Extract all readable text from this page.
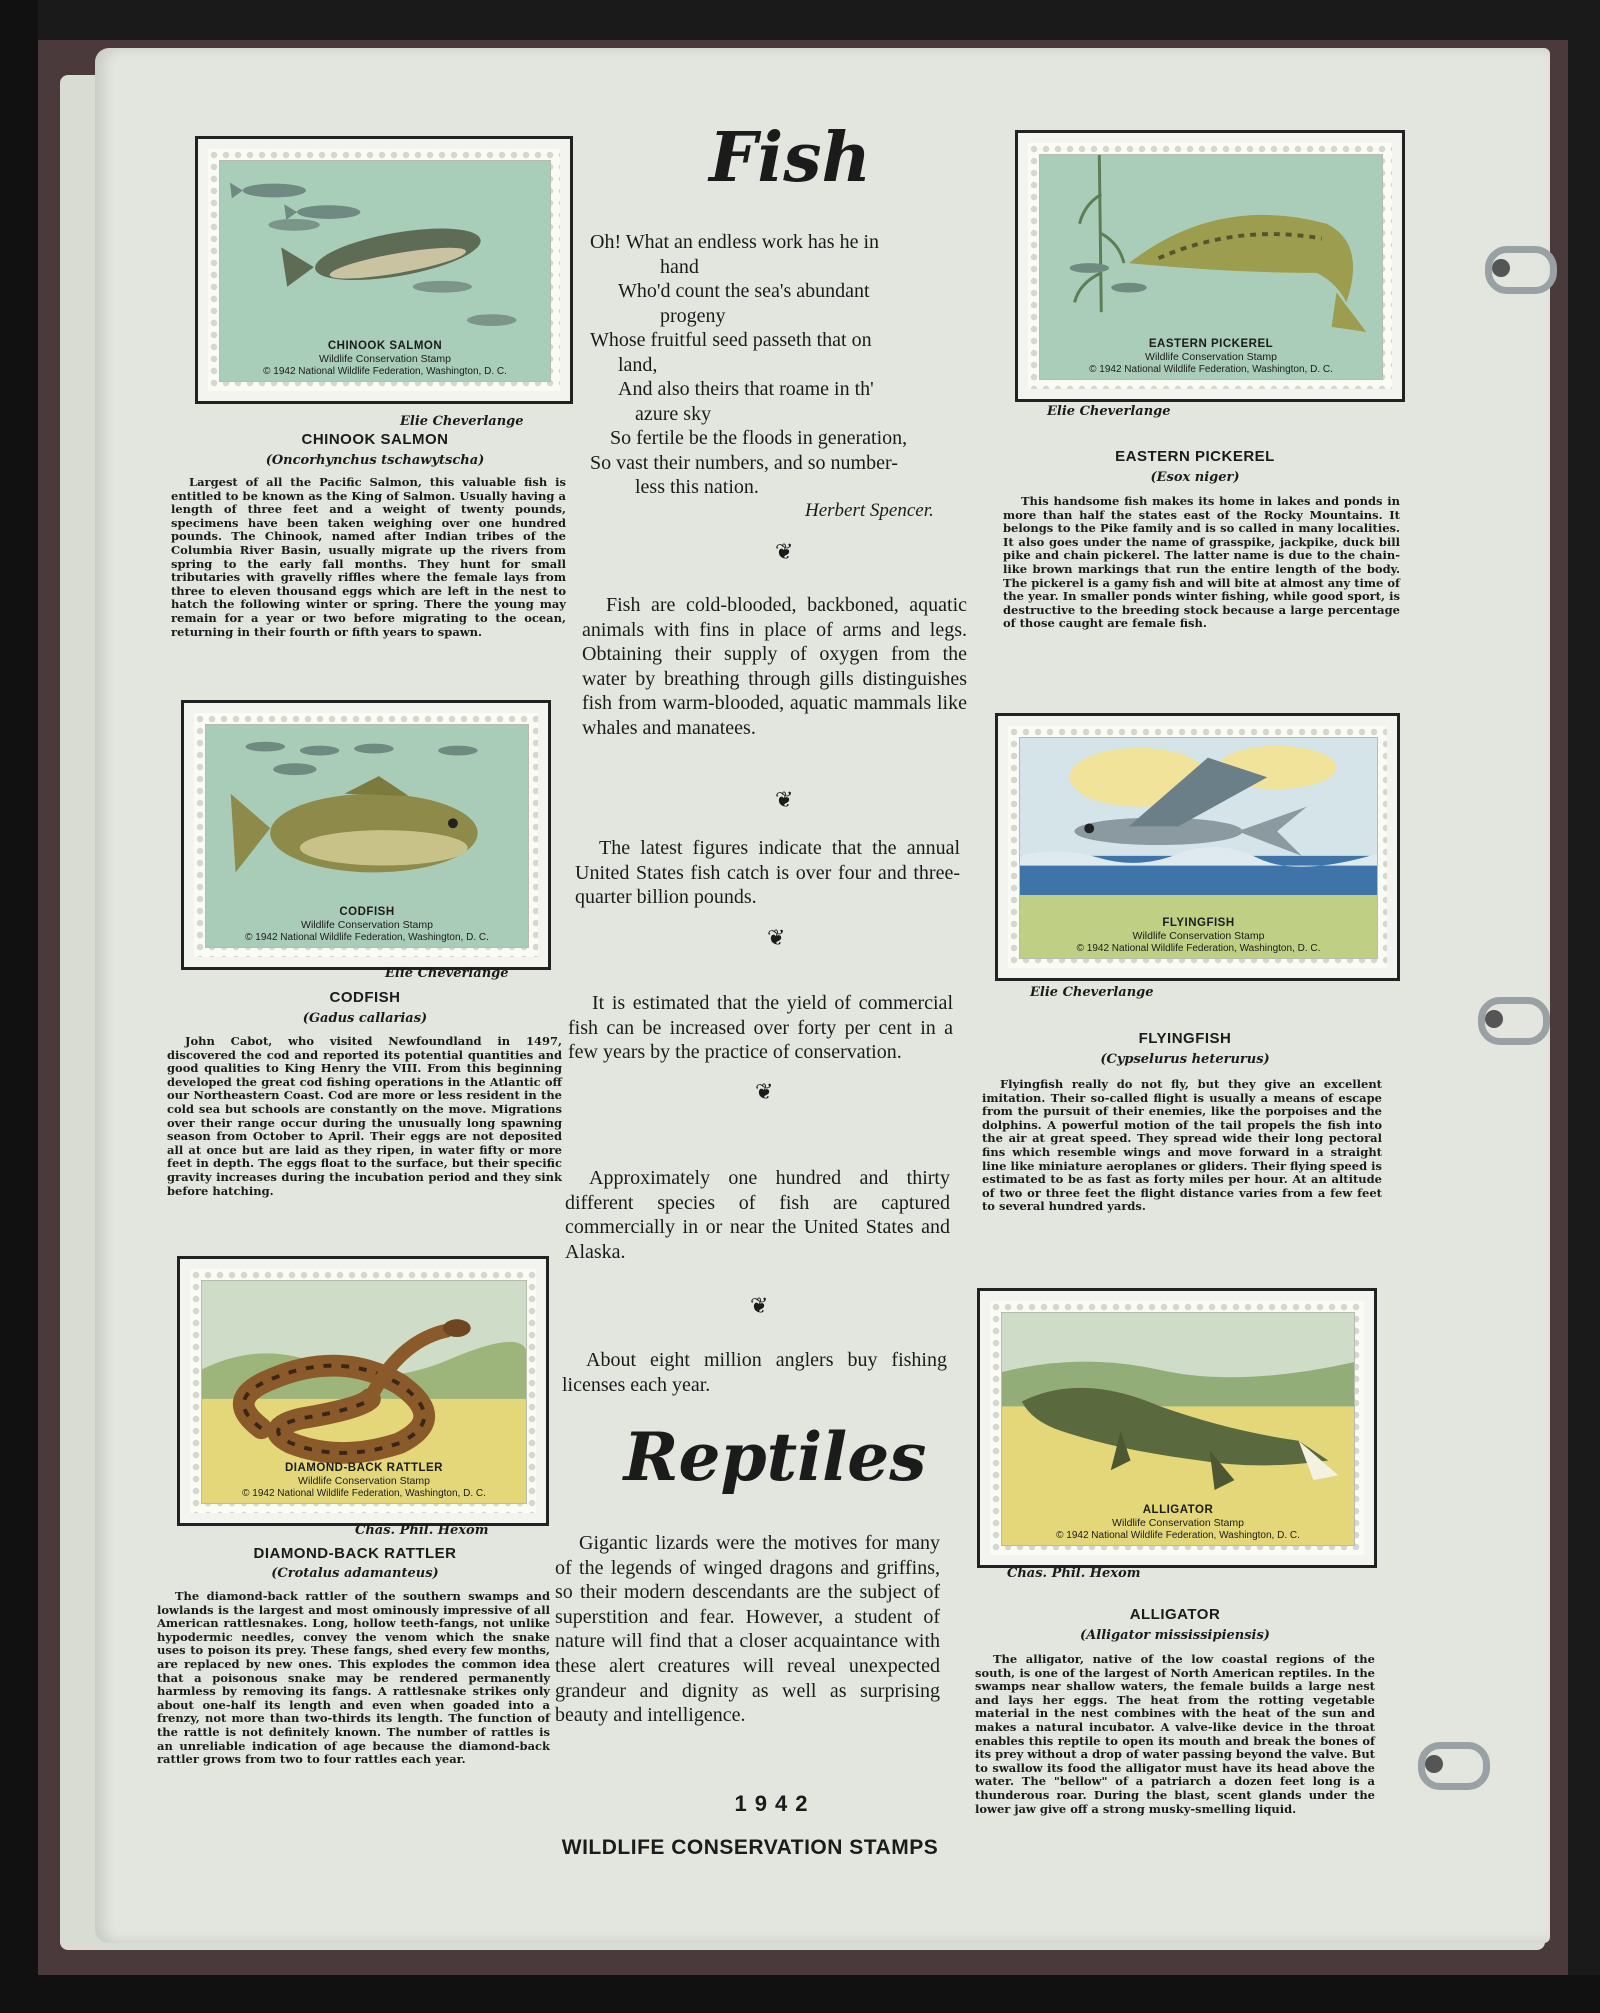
CHINOOK SALMON
Wildlife Conservation Stamp
© 1942 National Wildlife Federation, Washington, D. C.
Elie Cheverlange
CHINOOK SALMON
(Oncorhynchus tschawytscha)
Largest of all the Pacific Salmon, this valuable fish is entitled to be known as the King of Salmon. Usually having a length of three feet and a weight of twenty pounds, specimens have been taken weighing over one hundred pounds. The Chinook, named after Indian tribes of the Columbia River Basin, usually migrate up the rivers from spring to the early fall months. They hunt for small tributaries with gravelly riffles where the female lays from three to eleven thousand eggs which are left in the nest to hatch the following winter or spring. There the young may remain for a year or two before migrating to the ocean, returning in their fourth or fifth years to spawn.
CODFISH
Wildlife Conservation Stamp
© 1942 National Wildlife Federation, Washington, D. C.
Elie Cheverlange
CODFISH
(Gadus callarias)
John Cabot, who visited Newfoundland in 1497, discovered the cod and reported its potential quantities and good qualities to King Henry the VIII. From this beginning developed the great cod fishing operations in the Atlantic off our Northeastern Coast. Cod are more or less resident in the cold sea but schools are constantly on the move. Migrations over their range occur during the unusually long spawning season from October to April. Their eggs are not deposited all at once but are laid as they ripen, in water fifty or more feet in depth. The eggs float to the surface, but their specific gravity increases during the incubation period and they sink before hatching.
DIAMOND-BACK RATTLER
Wildlife Conservation Stamp
© 1942 National Wildlife Federation, Washington, D. C.
Chas. Phil. Hexom
DIAMOND-BACK RATTLER
(Crotalus adamanteus)
The diamond-back rattler of the southern swamps and lowlands is the largest and most ominously impressive of all American rattlesnakes. Long, hollow teeth-fangs, not unlike hypodermic needles, convey the venom which the snake uses to poison its prey. These fangs, shed every few months, are replaced by new ones. This explodes the common idea that a poisonous snake may be rendered permanently harmless by removing its fangs. A rattlesnake strikes only about one-half its length and even when goaded into a frenzy, not more than two-thirds its length. The function of the rattle is not definitely known. The number of rattles is an unreliable indication of age because the diamond-back rattler grows from two to four rattles each year.
Fish
Oh! What an endless work has he in
hand
Who'd count the sea's abundant
progeny
Whose fruitful seed passeth that on
land,
And also theirs that roame in th'
azure sky
So fertile be the floods in generation,
So vast their numbers, and so number-
less this nation.
Herbert Spencer.
❦
Fish are cold-blooded, backboned, aquatic animals with fins in place of arms and legs. Obtaining their supply of oxygen from the water by breathing through gills distinguishes fish from warm-blooded, aquatic mammals like whales and manatees.
❦
The latest figures indicate that the annual United States fish catch is over four and three-quarter billion pounds.
❦
It is estimated that the yield of commercial fish can be increased over forty per cent in a few years by the practice of conservation.
❦
Approximately one hundred and thirty different species of fish are captured commercially in or near the United States and Alaska.
❦
About eight million anglers buy fishing licenses each year.
Reptiles
Gigantic lizards were the motives for many of the legends of winged dragons and griffins, so their modern descendants are the subject of superstition and fear. However, a student of nature will find that a closer acquaintance with these alert creatures will reveal unexpected grandeur and dignity as well as surprising beauty and intelligence.
1942
WILDLIFE CONSERVATION STAMPS
EASTERN PICKEREL
Wildlife Conservation Stamp
© 1942 National Wildlife Federation, Washington, D. C.
Elie Cheverlange
EASTERN PICKEREL
(Esox niger)
This handsome fish makes its home in lakes and ponds in more than half the states east of the Rocky Mountains. It belongs to the Pike family and is so called in many localities. It also goes under the name of grasspike, jackpike, duck bill pike and chain pickerel. The latter name is due to the chain-like brown markings that run the entire length of the body. The pickerel is a gamy fish and will bite at almost any time of the year. In smaller ponds winter fishing, while good sport, is destructive to the breeding stock because a large percentage of those caught are female fish.
FLYINGFISH
Wildlife Conservation Stamp
© 1942 National Wildlife Federation, Washington, D. C.
Elie Cheverlange
FLYINGFISH
(Cypselurus heterurus)
Flyingfish really do not fly, but they give an excellent imitation. Their so-called flight is usually a means of escape from the pursuit of their enemies, like the porpoises and the dolphins. A powerful motion of the tail propels the fish into the air at great speed. They spread wide their long pectoral fins which resemble wings and move forward in a straight line like miniature aeroplanes or gliders. Their flying speed is estimated to be as fast as forty miles per hour. At an altitude of two or three feet the flight distance varies from a few feet to several hundred yards.
ALLIGATOR
Wildlife Conservation Stamp
© 1942 National Wildlife Federation, Washington, D. C.
Chas. Phil. Hexom
ALLIGATOR
(Alligator mississipiensis)
The alligator, native of the low coastal regions of the south, is one of the largest of North American reptiles. In the swamps near shallow waters, the female builds a large nest and lays her eggs. The heat from the rotting vegetable material in the nest combines with the heat of the sun and makes a natural incubator. A valve-like device in the throat enables this reptile to open its mouth and break the bones of its prey without a drop of water passing beyond the valve. But to swallow its food the alligator must have its head above the water. The "bellow" of a patriarch a dozen feet long is a thunderous roar. During the blast, scent glands under the lower jaw give off a strong musky-smelling liquid.
